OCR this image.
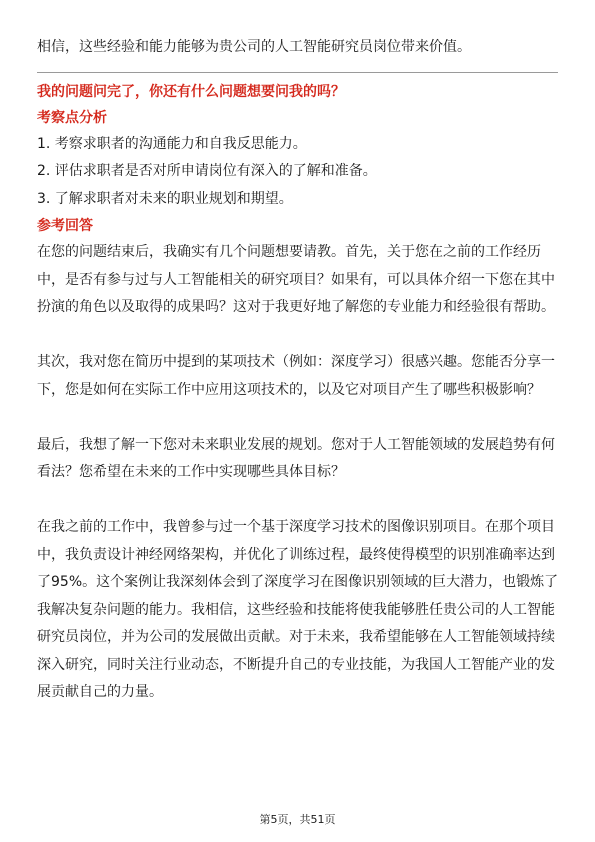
相信，这些经验和能力能够为贵公司的人工智能研究员岗位带来价值。

我的问题问完了，你还有什么问题想要问我的吗？

考察点分析

1. 考察求职者的沟通能力和自我反思能力。

2. 评估求职者是否对所申请岗位有深入的了解和准备。

3. 了解求职者对未来的职业规划和期望。

参考回答

在您的问题结束后，我确实有几个问题想要请教。首先，关于您在之前的工作经历中，是否有参与过与人工智能相关的研究项目？如果有，可以具体介绍一下您在其中扮演的角色以及取得的成果吗？这对于我更好地了解您的专业能力和经验很有帮助。

其次，我对您在简历中提到的某项技术（例如：深度学习）很感兴趣。您能否分享一下，您是如何在实际工作中应用这项技术的，以及它对项目产生了哪些积极影响？

最后，我想了解一下您对未来职业发展的规划。您对于人工智能领域的发展趋势有何看法？您希望在未来的工作中实现哪些具体目标？

在我之前的工作中，我曾参与过一个基于深度学习技术的图像识别项目。在那个项目中，我负责设计神经网络架构，并优化了训练过程，最终使得模型的识别准确率达到了95%。这个案例让我深刻体会到了深度学习在图像识别领域的巨大潜力，也锻炼了我解决复杂问题的能力。我相信，这些经验和技能将使我能够胜任贵公司的人工智能研究员岗位，并为公司的发展做出贡献。对于未来，我希望能够在人工智能领域持续深入研究，同时关注行业动态，不断提升自己的专业技能，为我国人工智能产业的发展贡献自己的力量。

第5页，共51页
